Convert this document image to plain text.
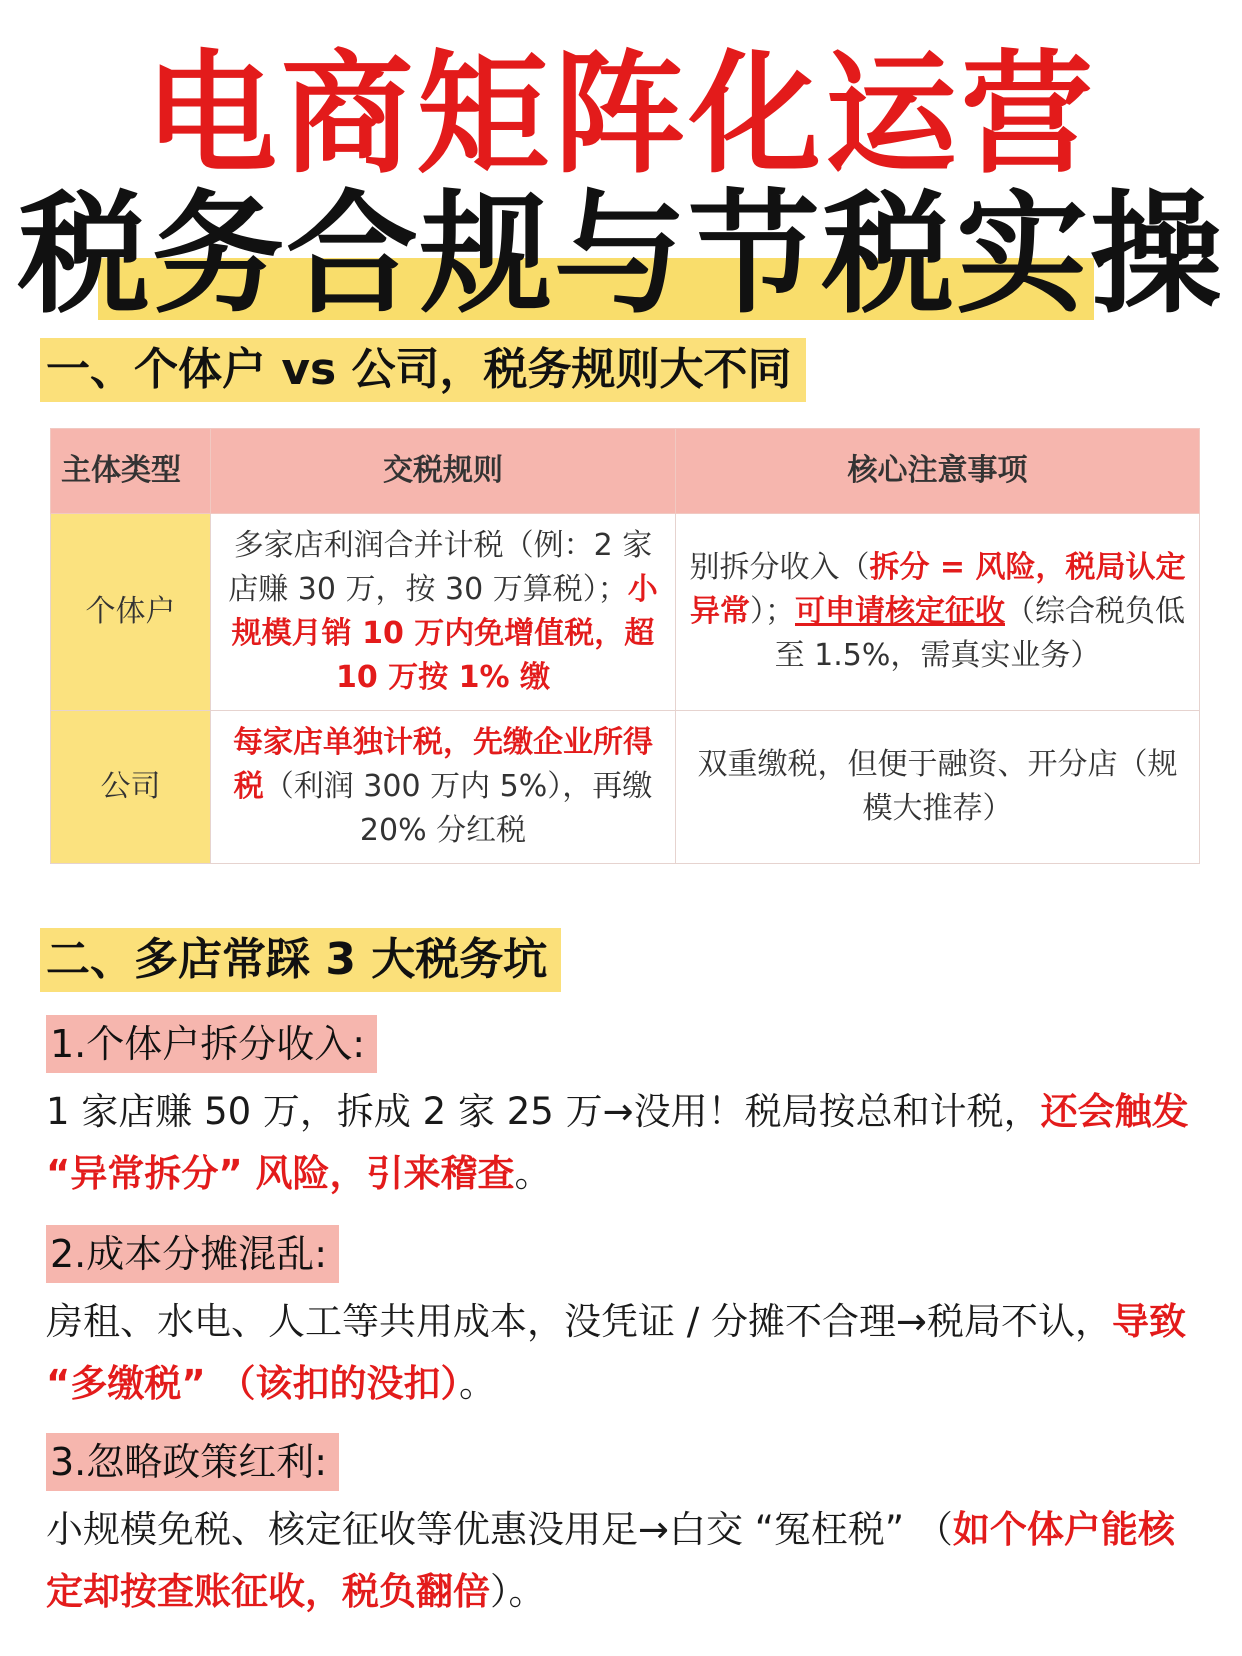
电商矩阵化运营
税务合规与节税实操
一、个体户 vs 公司，税务规则大不同
主体类型	交税规则	核心注意事项
个体户	多家店利润合并计税（例：2 家店赚 30 万，按 30 万算税）；小规模月销 10 万内免增值税，超 10 万按 1% 缴	别拆分收入（拆分 = 风险，税局认定异常）；可申请核定征收（综合税负低至 1.5%，需真实业务）
公司	每家店单独计税，先缴企业所得税（利润 300 万内 5%），再缴 20% 分红税	双重缴税，但便于融资、开分店（规模大推荐）
二、多店常踩 3 大税务坑
1.个体户拆分收入:
1 家店赚 50 万，拆成 2 家 25 万→没用！税局按总和计税，还会触发 “异常拆分” 风险，引来稽查。
2.成本分摊混乱:
房租、水电、人工等共用成本，没凭证 / 分摊不合理→税局不认，导致 “多缴税” （该扣的没扣）。
3.忽略政策红利:
小规模免税、核定征收等优惠没用足→白交 “冤枉税” （如个体户能核定却按查账征收，税负翻倍）。
